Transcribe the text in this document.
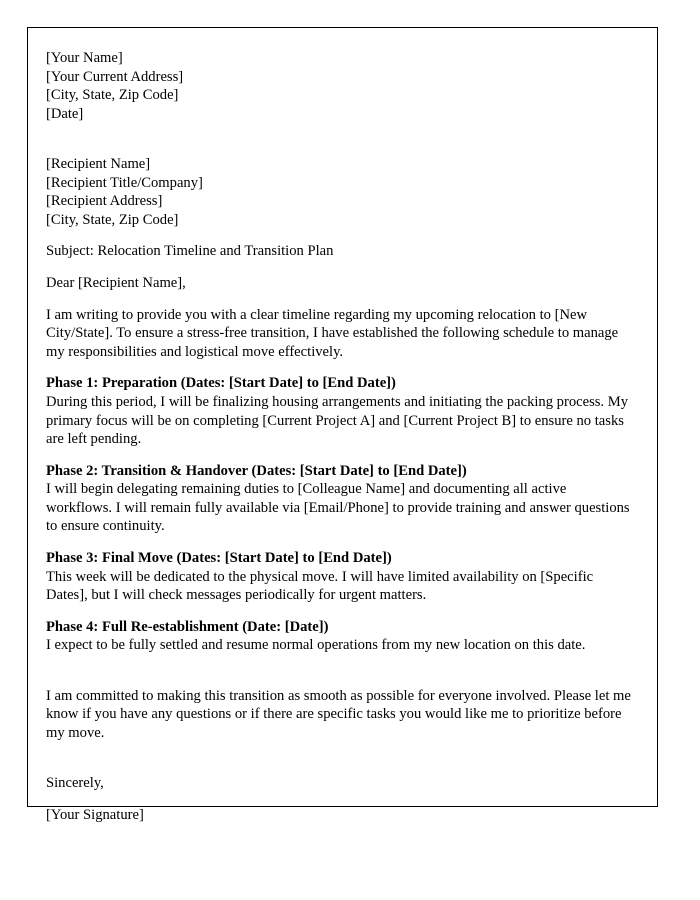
[Your Name]
[Your Current Address]
[City, State, Zip Code]
[Date]
[Recipient Name]
[Recipient Title/Company]
[Recipient Address]
[City, State, Zip Code]
Subject: Relocation Timeline and Transition Plan
Dear [Recipient Name],
I am writing to provide you with a clear timeline regarding my upcoming relocation to [New City/State]. To ensure a stress-free transition, I have established the following schedule to manage my responsibilities and logistical move effectively.
Phase 1: Preparation (Dates: [Start Date] to [End Date])
During this period, I will be finalizing housing arrangements and initiating the packing process. My primary focus will be on completing [Current Project A] and [Current Project B] to ensure no tasks are left pending.
Phase 2: Transition & Handover (Dates: [Start Date] to [End Date])
I will begin delegating remaining duties to [Colleague Name] and documenting all active workflows. I will remain fully available via [Email/Phone] to provide training and answer questions to ensure continuity.
Phase 3: Final Move (Dates: [Start Date] to [End Date])
This week will be dedicated to the physical move. I will have limited availability on [Specific Dates], but I will check messages periodically for urgent matters.
Phase 4: Full Re-establishment (Date: [Date])
I expect to be fully settled and resume normal operations from my new location on this date.
I am committed to making this transition as smooth as possible for everyone involved. Please let me know if you have any questions or if there are specific tasks you would like me to prioritize before my move.
Sincerely,
[Your Signature]
